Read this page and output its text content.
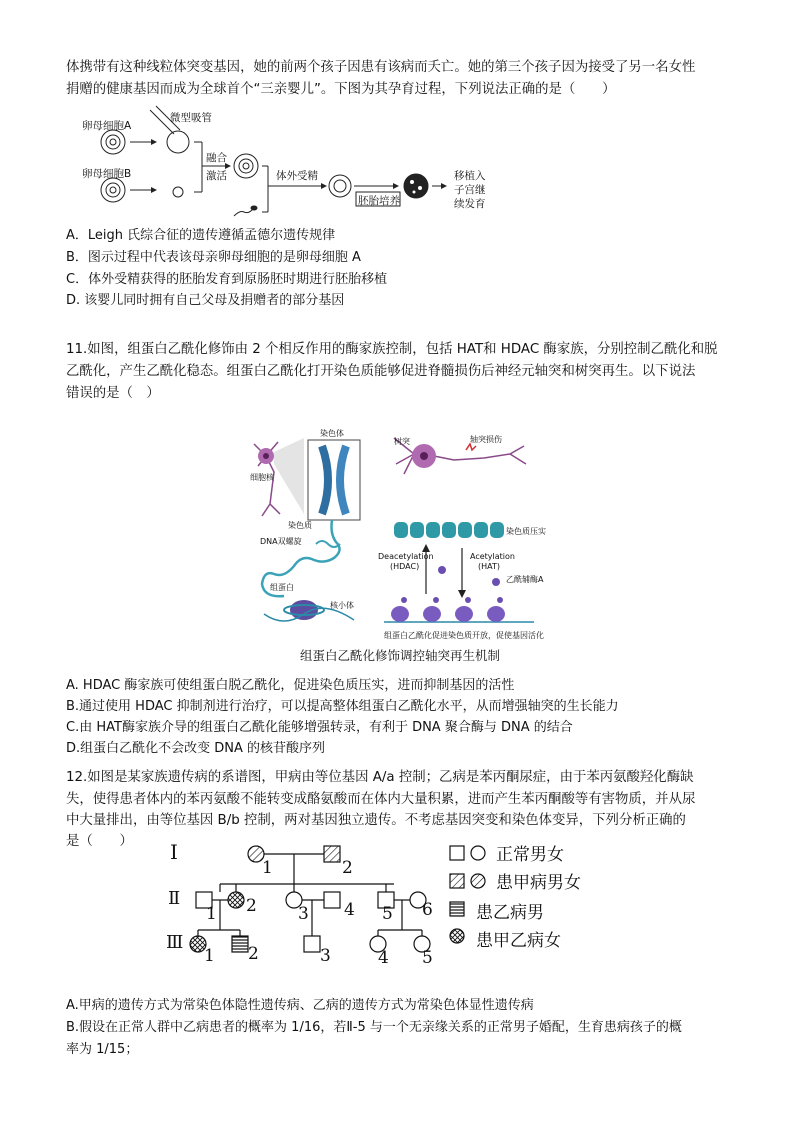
体携带有这种线粒体突变基因，她的前两个孩子因患有该病而夭亡。她的第三个孩子因为接受了另一名女性
捐赠的健康基因而成为全球首个“三亲婴儿”。下图为其孕育过程，下列说法正确的是（　　）
卵母细胞A
卵母细胞B
微型吸管
融合
激活	体外受精
胚胎培养
移植入
子宫继
续发育
A．Leigh 氏综合征的遗传遵循孟德尔遗传规律
B．图示过程中代表该母亲卵母细胞的是卵母细胞 A
C．体外受精获得的胚胎发育到原肠胚时期进行胚胎移植
D. 该婴儿同时拥有自己父母及捐赠者的部分基因
11.如图，组蛋白乙酰化修饰由 2 个相反作用的酶家族控制，包括 HAT和 HDAC 酶家族，分别控制乙酰化和脱
乙酰化，产生乙酰化稳态。组蛋白乙酰化打开染色质能够促进脊髓损伤后神经元轴突和树突再生。以下说法
错误的是（　）
染色体
细胞核
染色质
DNA双螺旋
组蛋白
核小体
树突	轴突损伤
染色质压实
Deacetylation
(HDAC)
Acetylation
(HAT)
乙酰辅酶A
组蛋白乙酰化促进染色质开放，促使基因活化
组蛋白乙酰化修饰调控轴突再生机制
A. HDAC 酶家族可使组蛋白脱乙酰化，促进染色质压实，进而抑制基因的活性
B.通过使用 HDAC 抑制剂进行治疗，可以提高整体组蛋白乙酰化水平，从而增强轴突的生长能力
C.由 HAT酶家族介导的组蛋白乙酰化能够增强转录，有利于 DNA 聚合酶与 DNA 的结合
D.组蛋白乙酰化不会改变 DNA 的核苷酸序列
12.如图是某家族遗传病的系谱图，甲病由等位基因 A/a 控制；乙病是苯丙酮尿症，由于苯丙氨酸羟化酶缺
失，使得患者体内的苯丙氨酸不能转变成酪氨酸而在体内大量积累，进而产生苯丙酮酸等有害物质，并从尿
中大量排出，由等位基因 B/b 控制，两对基因独立遗传。不考虑基因突变和染色体变异，下列分析正确的
是（　　） I
Ⅱ
Ⅲ
1	2
1 2 3 4 5 6
1 2	3	4 5
正常男女
患甲病男女
患乙病男
患甲乙病女
A.甲病的遗传方式为常染色体隐性遗传病、乙病的遗传方式为常染色体显性遗传病
B.假设在正常人群中乙病患者的概率为 1/16，若Ⅱ-5 与一个无亲缘关系的正常男子婚配，生育患病孩子的概
率为 1/15；
